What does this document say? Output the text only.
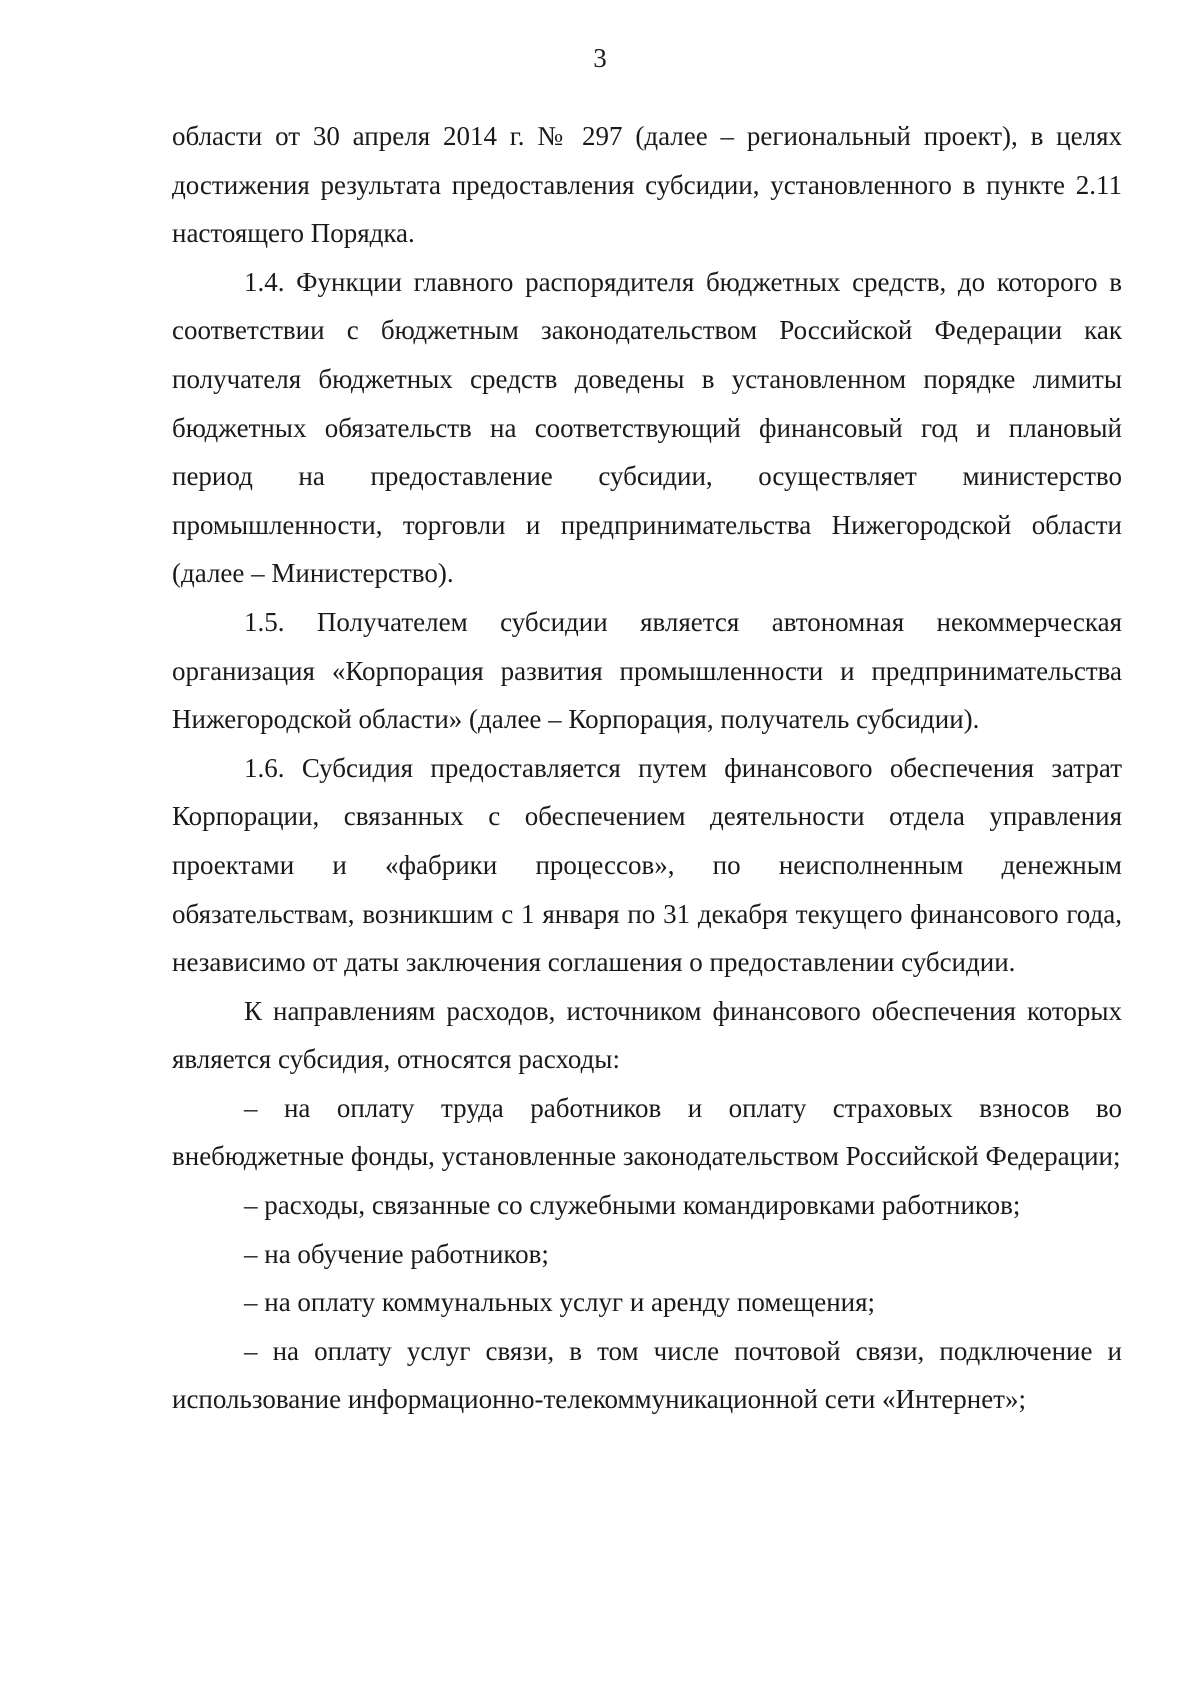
3

области от 30 апреля 2014 г. № 297 (далее – региональный проект), в целях достижения результата предоставления субсидии, установленного в пункте 2.11 настоящего Порядка.

1.4. Функции главного распорядителя бюджетных средств, до которого в соответствии с бюджетным законодательством Российской Федерации как получателя бюджетных средств доведены в установленном порядке лимиты бюджетных обязательств на соответствующий финансовый год и плановый период на предоставление субсидии, осуществляет министерство промышленности, торговли и предпринимательства Нижегородской области (далее – Министерство).

1.5. Получателем субсидии является автономная некоммерческая организация «Корпорация развития промышленности и предпринимательства Нижегородской области» (далее – Корпорация, получатель субсидии).

1.6. Субсидия предоставляется путем финансового обеспечения затрат Корпорации, связанных с обеспечением деятельности отдела управления проектами и «фабрики процессов», по неисполненным денежным обязательствам, возникшим с 1 января по 31 декабря текущего финансового года, независимо от даты заключения соглашения о предоставлении субсидии.

К направлениям расходов, источником финансового обеспечения которых является субсидия, относятся расходы:

– на оплату труда работников и оплату страховых взносов во внебюджетные фонды, установленные законодательством Российской Федерации;

– расходы, связанные со служебными командировками работников;

– на обучение работников;

– на оплату коммунальных услуг и аренду помещения;

– на оплату услуг связи, в том числе почтовой связи, подключение и использование информационно-телекоммуникационной сети «Интернет»;
